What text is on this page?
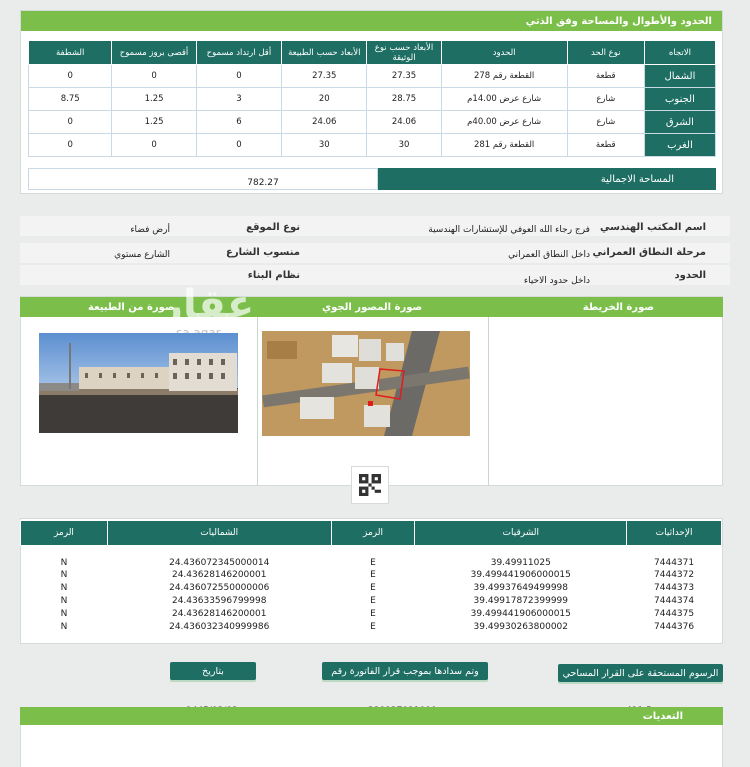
الحدود والأطوال والمساحة وفق الذتي
الاتجاه	نوع الحد	الحدود	الأبعاد حسب نوع الوثيقة	الأبعاد حسب الطبيعة	أقل ارتداد مسموح	أقصى بروز مسموح	الشطفة
الشمال	قطعة	القطعة رقم 278	27.35	27.35	0	0	0
الجنوب	شارع	شارع عرض 14.00م	28.75	20	3	1.25	8.75
الشرق	شارع	شارع عرض 40.00م	24.06	24.06	6	1.25	0
الغرب	قطعة	القطعة رقم 281	30	30	0	0	0
المساحة الاجمالية
782.27
اسم المكتب الهندسي
فرج رجاء الله العوفي للإستشارات الهندسية
مرحلة النطاق العمراني
داخل النطاق العمراني
الحدود
داخل حدود الاحياء
نوع الموقع
أرض فضاء
منسوب الشارع
الشارع مستوي
نظام البناء
صورة الخريطة
صورة المصور الجوي
صورة من الطبيعة
عقار
الإحداثيات	الشرقيات	الرمز	الشماليات	الرمز
7444371	39.49911025	E	24.436072345000014	N
7444372	39.499441906000015	E	24.43628146200001	N
7444373	39.49937649499998	E	24.436072550000006	N
7444374	39.49917872399999	E	24.43633596799998	N
7444375	39.499441906000015	E	24.43628146200001	N
7444376	39.49930263800002	E	24.436032340999986	N
الرسوم المستحقة على القرار المساحي
وتم سدادها بموجب قرار الفاتورة رقم
بتاريخ
التعديات
